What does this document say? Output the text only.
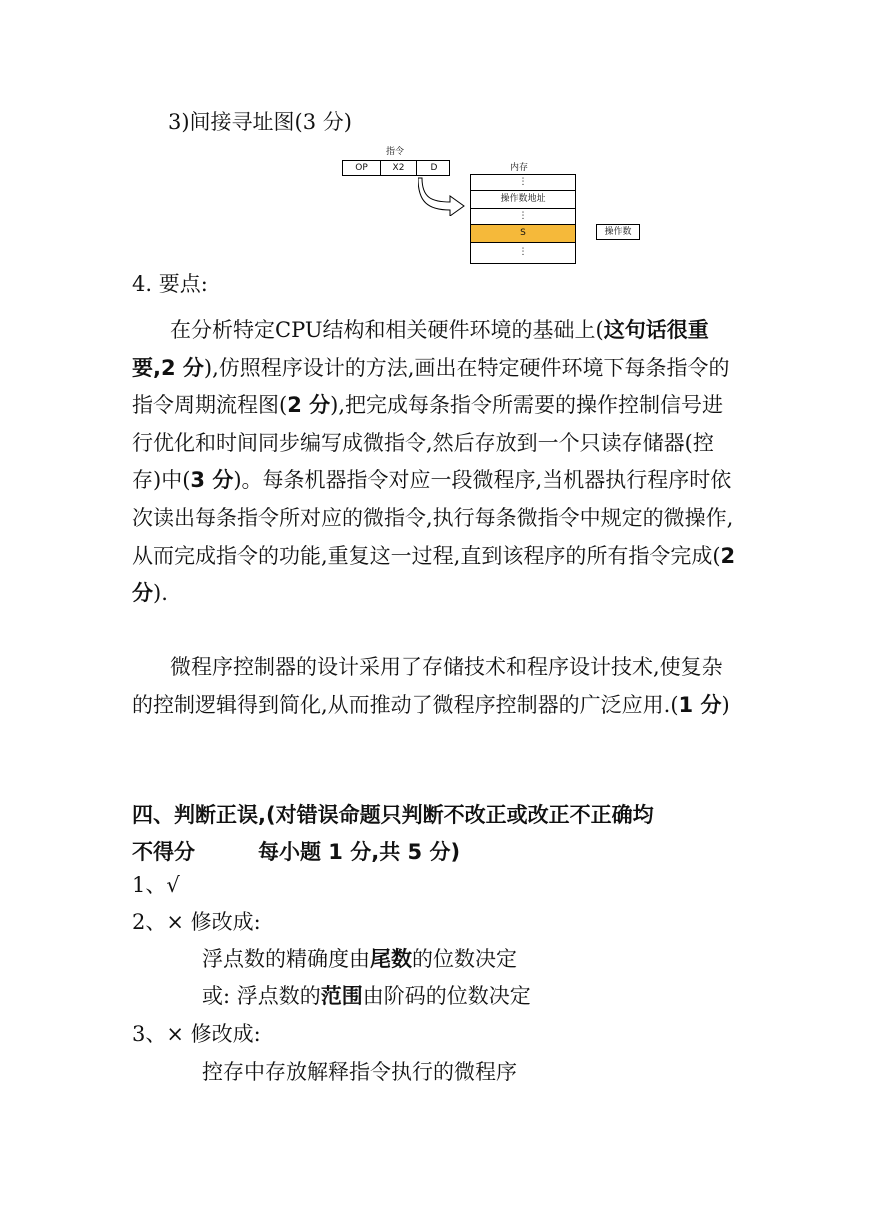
3)间接寻址图(3 分)
指令
OP	X2	D	内存
⋮
操作数地址
⋮
S
⋮
操作数
4. 要点:
在分析特定CPU结构和相关硬件环境的基础上(这句话很重要,2 分),仿照程序设计的方法,画出在特定硬件环境下每条指令的指令周期流程图(2 分),把完成每条指令所需要的操作控制信号进行优化和时间同步编写成微指令,然后存放到一个只读存储器(控存)中(3 分)。每条机器指令对应一段微程序,当机器执行程序时依次读出每条指令所对应的微指令,执行每条微指令中规定的微操作,从而完成指令的功能,重复这一过程,直到该程序的所有指令完成(2 分).
微程序控制器的设计采用了存储技术和程序设计技术,使复杂的控制逻辑得到简化,从而推动了微程序控制器的广泛应用.(1 分)
四、判断正误,(对错误命题只判断不改正或改正不正确均
不得分　　　每小题 1 分,共 5 分)
1、√
2、× 修改成:
浮点数的精确度由尾数的位数决定
或: 浮点数的范围由阶码的位数决定
3、× 修改成:
控存中存放解释指令执行的微程序
